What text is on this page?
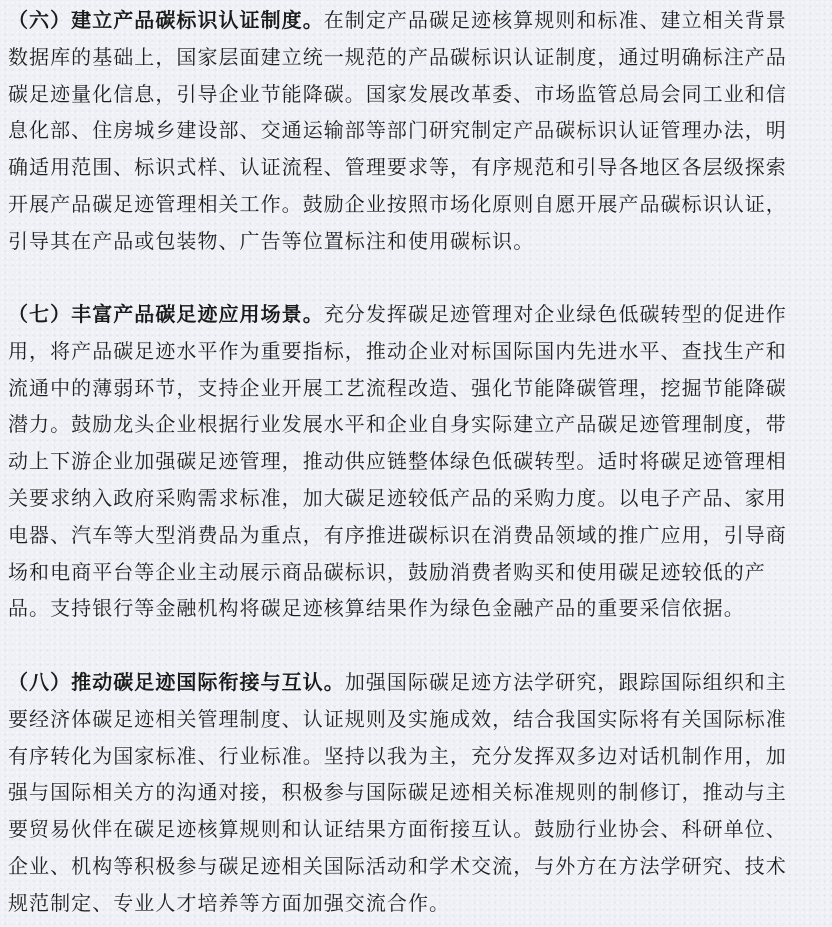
（六）建立产品碳标识认证制度。在制定产品碳足迹核算规则和标准、建立相关背景
数据库的基础上，国家层面建立统一规范的产品碳标识认证制度，通过明确标注产品
碳足迹量化信息，引导企业节能降碳。国家发展改革委、市场监管总局会同工业和信
息化部、住房城乡建设部、交通运输部等部门研究制定产品碳标识认证管理办法，明
确适用范围、标识式样、认证流程、管理要求等，有序规范和引导各地区各层级探索
开展产品碳足迹管理相关工作。鼓励企业按照市场化原则自愿开展产品碳标识认证，
引导其在产品或包装物、广告等位置标注和使用碳标识。
（七）丰富产品碳足迹应用场景。充分发挥碳足迹管理对企业绿色低碳转型的促进作
用，将产品碳足迹水平作为重要指标，推动企业对标国际国内先进水平、查找生产和
流通中的薄弱环节，支持企业开展工艺流程改造、强化节能降碳管理，挖掘节能降碳
潜力。鼓励龙头企业根据行业发展水平和企业自身实际建立产品碳足迹管理制度，带
动上下游企业加强碳足迹管理，推动供应链整体绿色低碳转型。适时将碳足迹管理相
关要求纳入政府采购需求标准，加大碳足迹较低产品的采购力度。以电子产品、家用
电器、汽车等大型消费品为重点，有序推进碳标识在消费品领域的推广应用，引导商
场和电商平台等企业主动展示商品碳标识，鼓励消费者购买和使用碳足迹较低的产
品。支持银行等金融机构将碳足迹核算结果作为绿色金融产品的重要采信依据。
（八）推动碳足迹国际衔接与互认。加强国际碳足迹方法学研究，跟踪国际组织和主
要经济体碳足迹相关管理制度、认证规则及实施成效，结合我国实际将有关国际标准
有序转化为国家标准、行业标准。坚持以我为主，充分发挥双多边对话机制作用，加
强与国际相关方的沟通对接，积极参与国际碳足迹相关标准规则的制修订，推动与主
要贸易伙伴在碳足迹核算规则和认证结果方面衔接互认。鼓励行业协会、科研单位、
企业、机构等积极参与碳足迹相关国际活动和学术交流，与外方在方法学研究、技术
规范制定、专业人才培养等方面加强交流合作。
